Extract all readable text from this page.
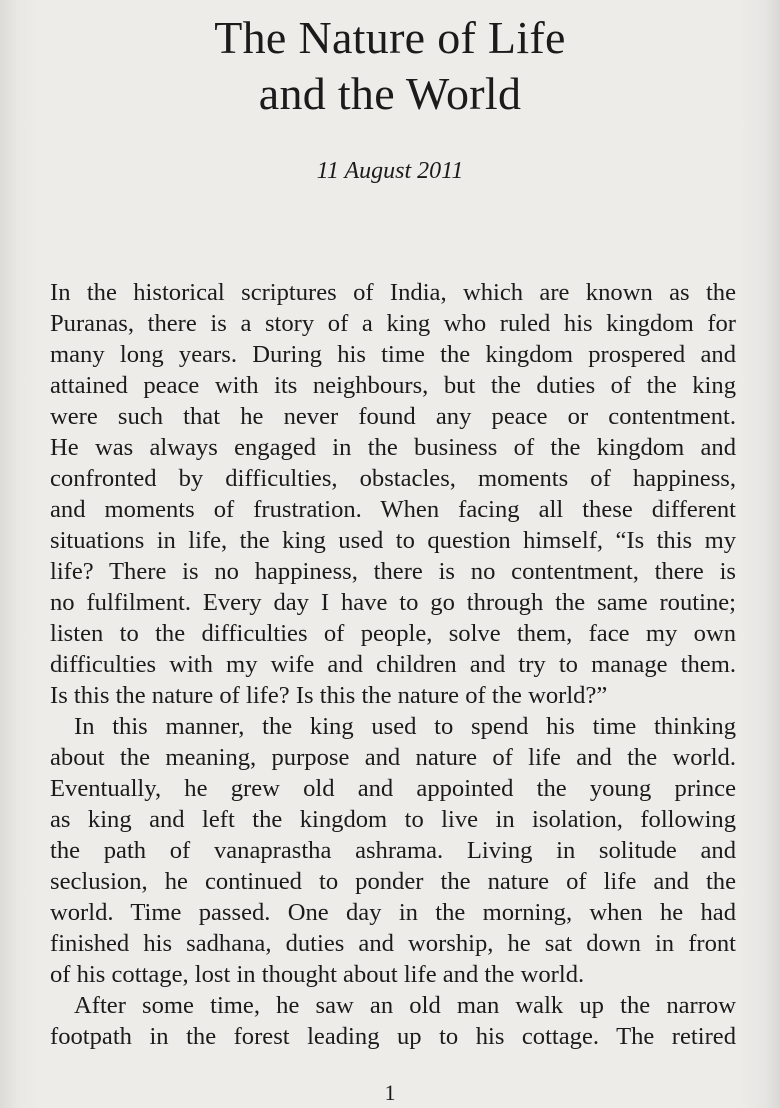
The Nature of Life
and the World
11 August 2011
In the historical scriptures of India, which are known as the
Puranas, there is a story of a king who ruled his kingdom for
many long years. During his time the kingdom prospered and
attained peace with its neighbours, but the duties of the king
were such that he never found any peace or contentment.
He was always engaged in the business of the kingdom and
confronted by difficulties, obstacles, moments of happiness,
and moments of frustration. When facing all these different
situations in life, the king used to question himself, “Is this my
life? There is no happiness, there is no contentment, there is
no fulfilment. Every day I have to go through the same routine;
listen to the difficulties of people, solve them, face my own
difficulties with my wife and children and try to manage them.
Is this the nature of life? Is this the nature of the world?”
In this manner, the king used to spend his time thinking
about the meaning, purpose and nature of life and the world.
Eventually, he grew old and appointed the young prince
as king and left the kingdom to live in isolation, following
the path of vanaprastha ashrama. Living in solitude and
seclusion, he continued to ponder the nature of life and the
world. Time passed. One day in the morning, when he had
finished his sadhana, duties and worship, he sat down in front
of his cottage, lost in thought about life and the world.
After some time, he saw an old man walk up the narrow
footpath in the forest leading up to his cottage. The retired
1
